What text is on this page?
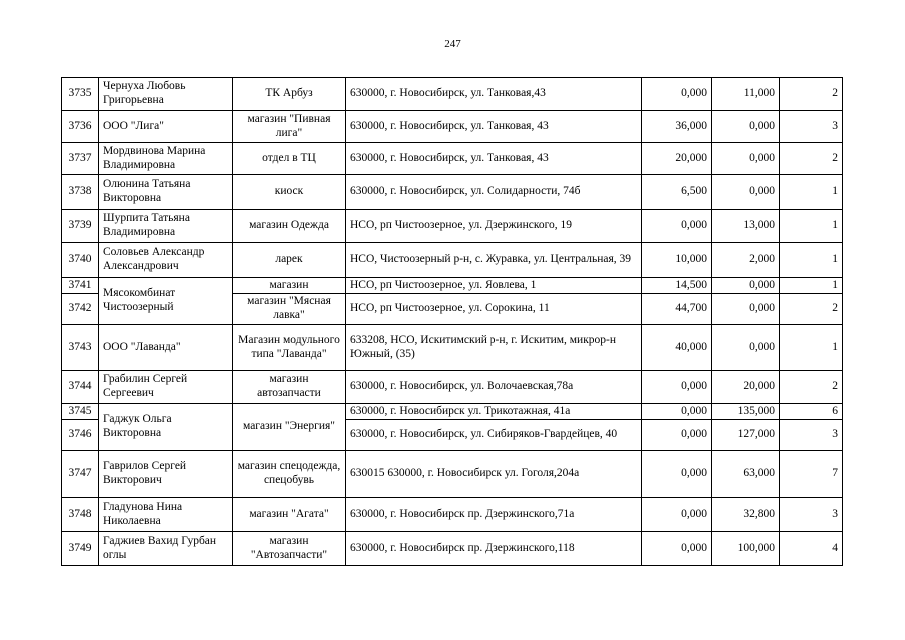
247
3735	Чернуха Любовь Григорьевна	ТК Арбуз	630000, г. Новосибирск, ул. Танковая,43	0,000	11,000	2
3736	ООО "Лига"	магазин "Пивная лига"	630000, г. Новосибирск, ул. Танковая, 43	36,000	0,000	3
3737	Мордвинова Марина Владимировна	отдел в ТЦ	630000, г. Новосибирск, ул. Танковая, 43	20,000	0,000	2
3738	Олюнина Татьяна Викторовна	киоск	630000, г. Новосибирск, ул. Солидарности, 74б	6,500	0,000	1
3739	Шурпита Татьяна Владимировна	магазин Одежда	НСО, рп Чистоозерное, ул. Дзержинского, 19	0,000	13,000	1
3740	Соловьев Александр Александрович	ларек	НСО, Чистоозерный р-н, с. Журавка, ул. Центральная, 39	10,000	2,000	1
3741	Мясокомбинат Чистоозерный	магазин	НСО, рп Чистоозерное, ул. Яовлева, 1	14,500	0,000	1
3742		магазин "Мясная лавка"	НСО, рп Чистоозерное, ул. Сорокина, 11	44,700	0,000	2
3743	ООО "Лаванда"	Магазин модульного типа "Лаванда"	633208, НСО, Искитимский р-н, г. Искитим, микрор-н Южный, (35)	40,000	0,000	1
3744	Грабилин Сергей Сергеевич	магазин автозапчасти	630000, г. Новосибирск, ул. Волочаевская,78а	0,000	20,000	2
3745	Гаджук Ольга Викторовна	магазин "Энергия"	630000, г. Новосибирск ул. Трикотажная, 41а	0,000	135,000	6
3746			630000, г. Новосибирск, ул. Сибиряков-Гвардейцев, 40	0,000	127,000	3
3747	Гаврилов Сергей Викторович	магазин спецодежда, спецобувь	630015 630000, г. Новосибирск ул. Гоголя,204а	0,000	63,000	7
3748	Гладунова Нина Николаевна	магазин "Агата"	630000, г. Новосибирск пр. Дзержинского,71а	0,000	32,800	3
3749	Гаджиев Вахид Гурбан оглы	магазин "Автозапчасти"	630000, г. Новосибирск пр. Дзержинского,118	0,000	100,000	4
